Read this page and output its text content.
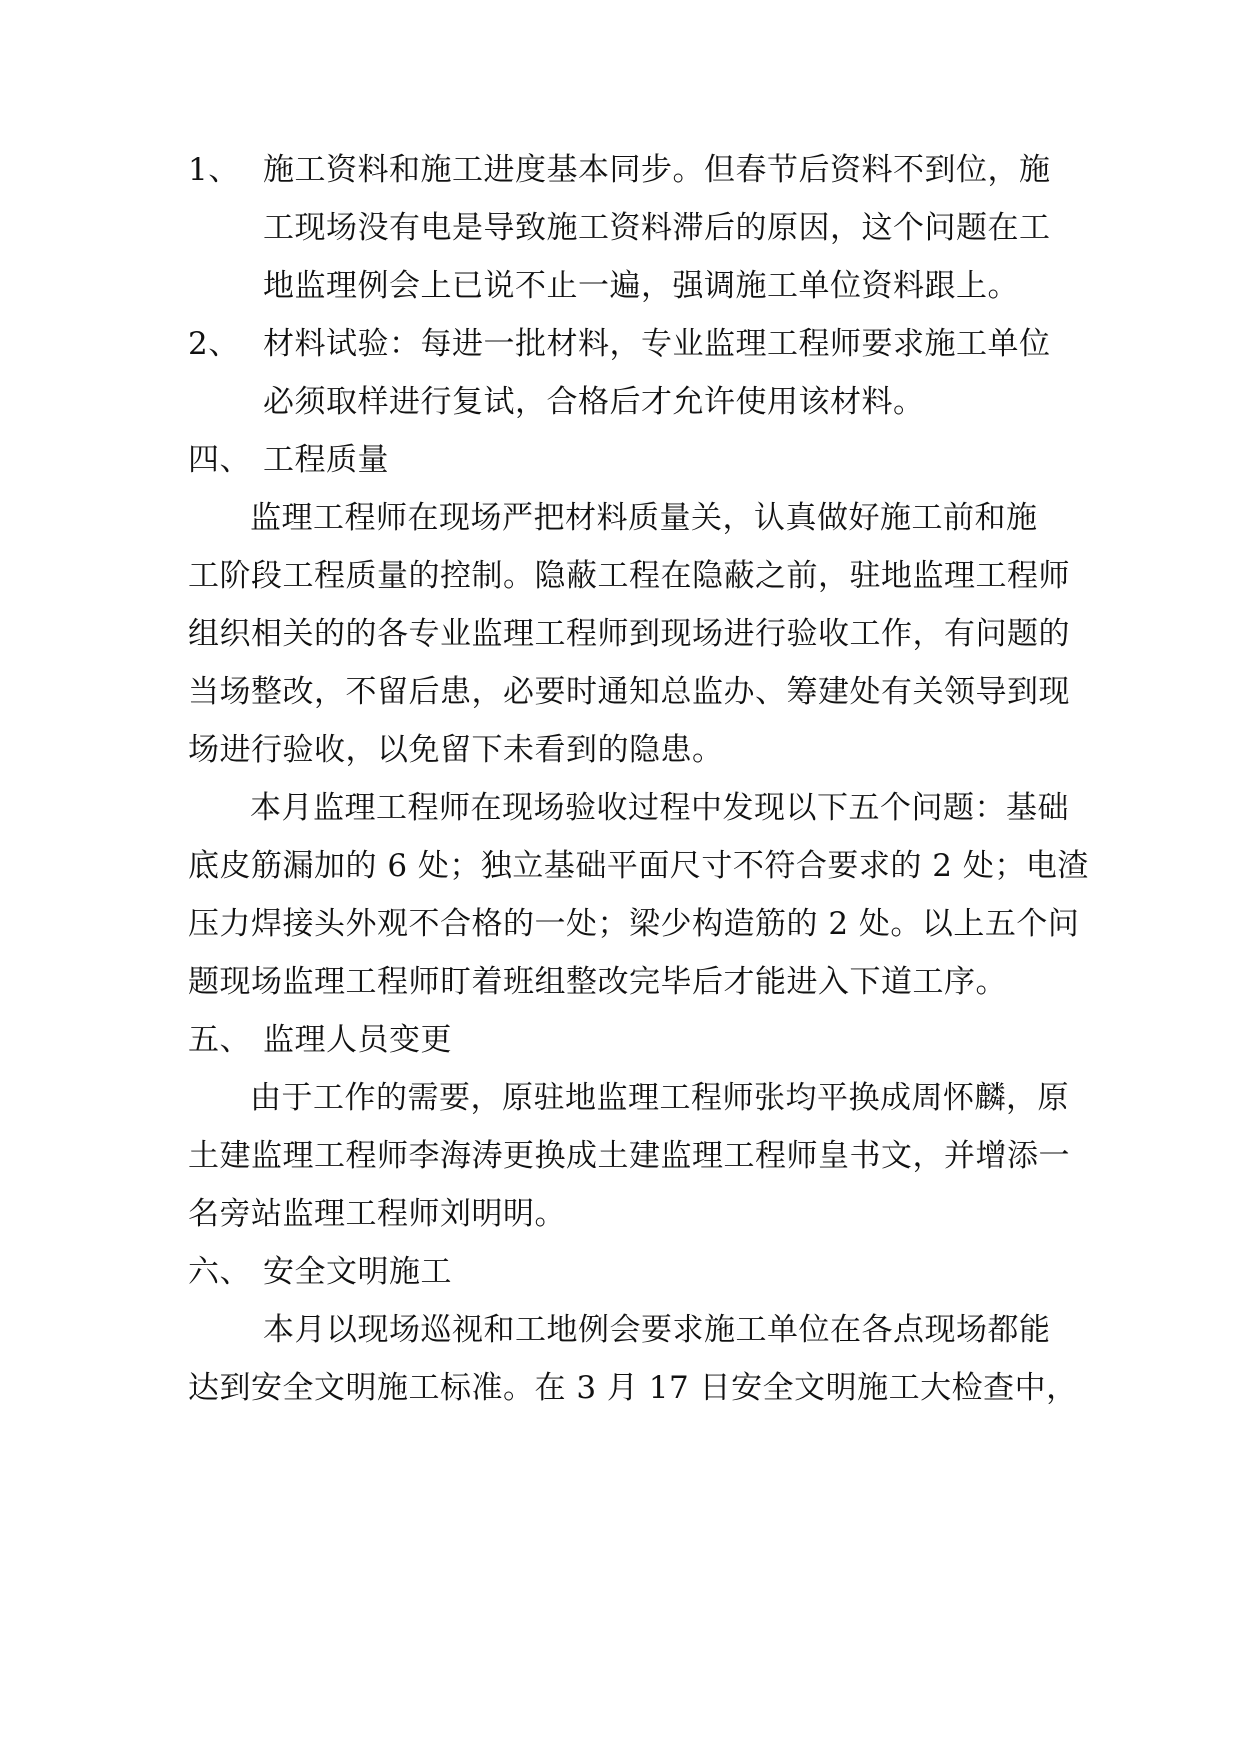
1、 施工资料和施工进度基本同步。但春节后资料不到位，施
工现场没有电是导致施工资料滞后的原因，这个问题在工
地监理例会上已说不止一遍，强调施工单位资料跟上。
2、 材料试验：每进一批材料，专业监理工程师要求施工单位
必须取样进行复试，合格后才允许使用该材料。
四、 工程质量
监理工程师在现场严把材料质量关，认真做好施工前和施
工阶段工程质量的控制。隐蔽工程在隐蔽之前，驻地监理工程师
组织相关的的各专业监理工程师到现场进行验收工作，有问题的
当场整改，不留后患，必要时通知总监办、筹建处有关领导到现
场进行验收，以免留下未看到的隐患。
本月监理工程师在现场验收过程中发现以下五个问题：基础
底皮筋漏加的 6 处；独立基础平面尺寸不符合要求的 2 处；电渣
压力焊接头外观不合格的一处；梁少构造筋的 2 处。以上五个问
题现场监理工程师盯着班组整改完毕后才能进入下道工序。
五、 监理人员变更
由于工作的需要，原驻地监理工程师张均平换成周怀麟，原
土建监理工程师李海涛更换成土建监理工程师皇书文，并增添一
名旁站监理工程师刘明明。
六、 安全文明施工
本月以现场巡视和工地例会要求施工单位在各点现场都能
达到安全文明施工标准。在 3 月 17 日安全文明施工大检查中，
